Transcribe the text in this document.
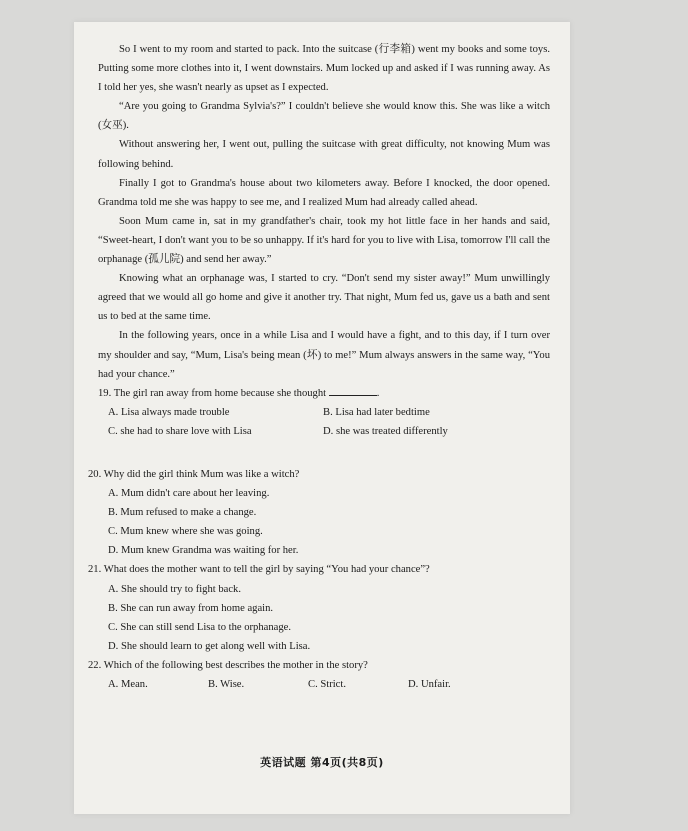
So I went to my room and started to pack. Into the suitcase (行李箱) went my books and some toys. Putting some more clothes into it, I went downstairs. Mum locked up and asked if I was running away. As I told her yes, she wasn't nearly as upset as I expected.

“Are you going to Grandma Sylvia's?” I couldn't believe she would know this. She was like a witch (女巫).

Without answering her, I went out, pulling the suitcase with great difficulty, not knowing Mum was following behind.

Finally I got to Grandma's house about two kilometers away. Before I knocked, the door opened. Grandma told me she was happy to see me, and I realized Mum had already called ahead.

Soon Mum came in, sat in my grandfather's chair, took my hot little face in her hands and said, “Sweet-heart, I don't want you to be so unhappy. If it's hard for you to live with Lisa, tomorrow I'll call the orphanage (孤儿院) and send her away.”

Knowing what an orphanage was, I started to cry. “Don't send my sister away!” Mum unwillingly agreed that we would all go home and give it another try. That night, Mum fed us, gave us a bath and sent us to bed at the same time.

In the following years, once in a while Lisa and I would have a fight, and to this day, if I turn over my shoulder and say, “Mum, Lisa's being mean (坏) to me!” Mum always answers in the same way, “You had your chance.”

19. The girl ran away from home because she thought	.

A. Lisa always made trouble	B. Lisa had later bedtime
C. she had to share love with Lisa	D. she was treated differently

20. Why did the girl think Mum was like a witch?

A. Mum didn't care about her leaving.

B. Mum refused to make a change.

C. Mum knew where she was going.

D. Mum knew Grandma was waiting for her.

21. What does the mother want to tell the girl by saying “You had your chance”?

A. She should try to fight back.

B. She can run away from home again.

C. She can still send Lisa to the orphanage.

D. She should learn to get along well with Lisa.

22. Which of the following best describes the mother in the story?

A. Mean.	B. Wise.	C. Strict.	D. Unfair.
英语试题 第4页(共8页)
